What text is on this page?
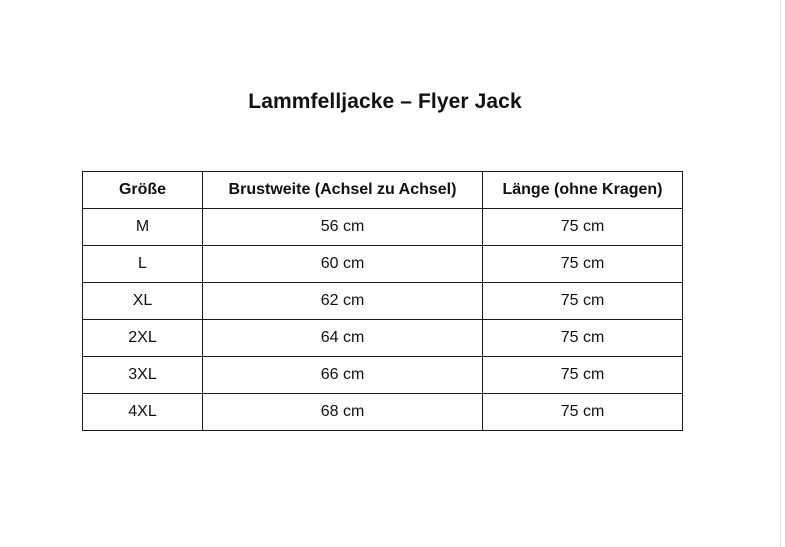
Lammfelljacke – Flyer Jack
Größe	Brustweite (Achsel zu Achsel)	Länge (ohne Kragen)
M	56 cm	75 cm
L	60 cm	75 cm
XL	62 cm	75 cm
2XL	64 cm	75 cm
3XL	66 cm	75 cm
4XL	68 cm	75 cm
